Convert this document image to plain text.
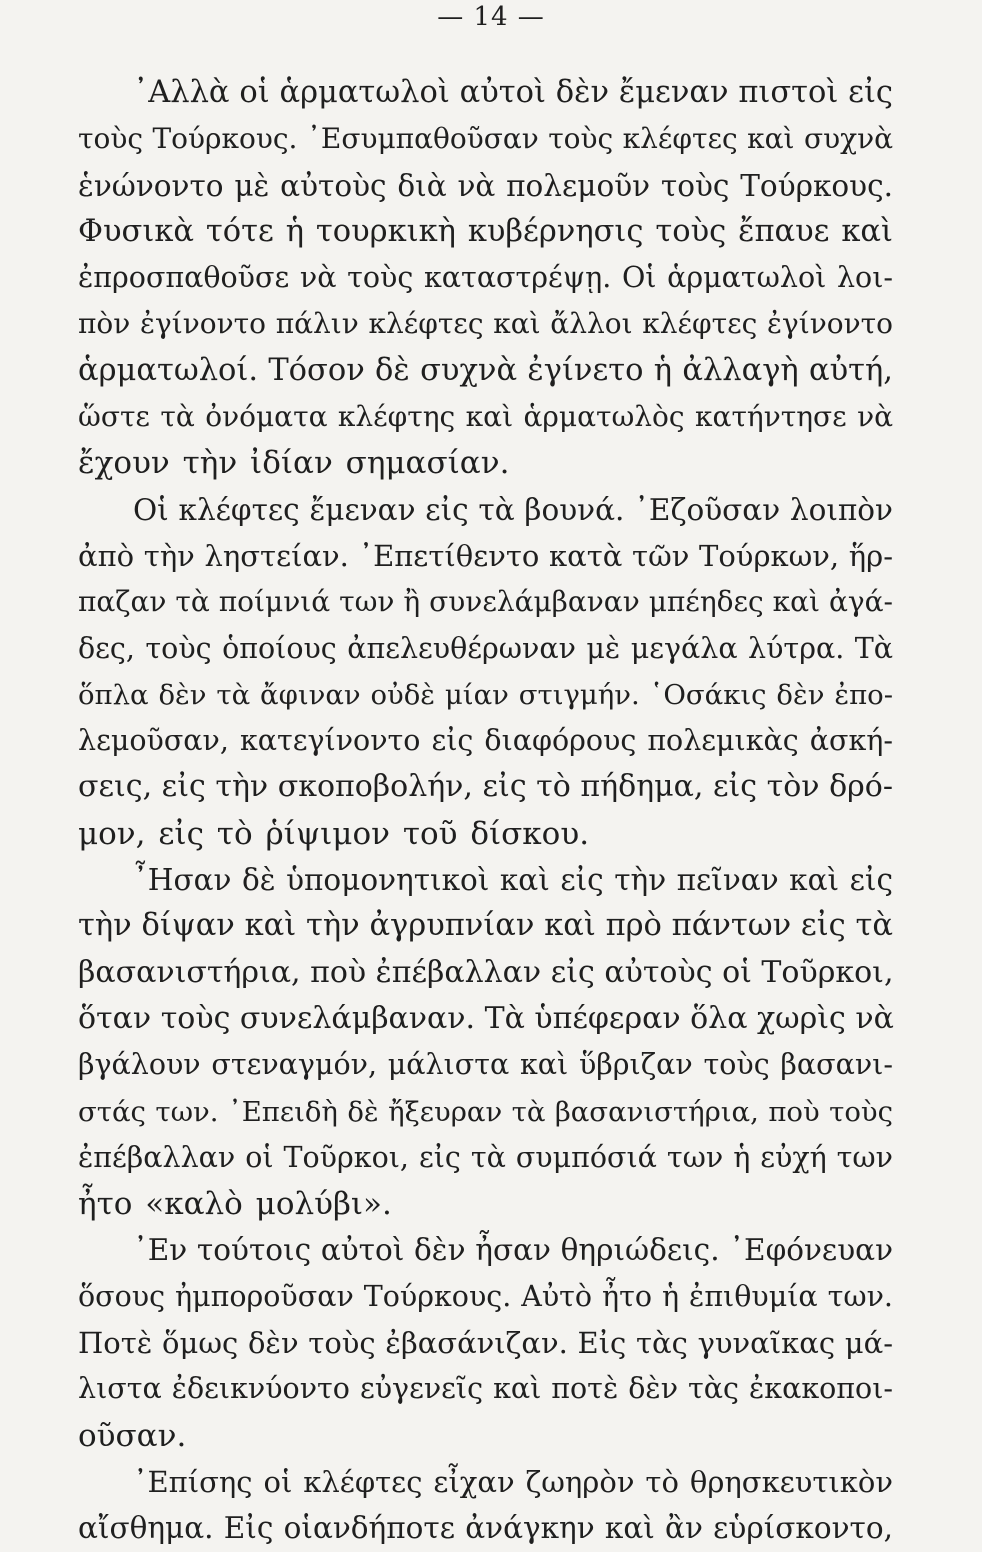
— 14 —
᾿Αλλὰ οἱ ἁρματωλοὶ αὐτοὶ δὲν ἔμεναν πιστοὶ εἰς
τοὺς Τούρκους. ᾿Εσυμπαθοῦσαν τοὺς κλέφτες καὶ συχνὰ
ἑνώνοντο μὲ αὐτοὺς διὰ νὰ πολεμοῦν τοὺς Τούρκους.
Φυσικὰ τότε ἡ τουρκικὴ κυβέρνησις τοὺς ἔπαυε καὶ
ἐπροσπαθοῦσε νὰ τοὺς καταστρέψῃ. Οἱ ἁρματωλοὶ λοι-
πὸν ἐγίνοντο πάλιν κλέφτες καὶ ἄλλοι κλέφτες ἐγίνοντο
ἁρματωλοί. Τόσον δὲ συχνὰ ἐγίνετο ἡ ἀλλαγὴ αὐτή,
ὥστε τὰ ὀνόματα κλέφτης καὶ ἁρματωλὸς κατήντησε νὰ
ἔχουν τὴν ἰδίαν σημασίαν.
Οἱ κλέφτες ἔμεναν εἰς τὰ βουνά. ᾿Εζοῦσαν λοιπὸν
ἀπὸ τὴν ληστείαν. ᾿Επετίθεντο κατὰ τῶν Τούρκων, ἥρ-
παζαν τὰ ποίμνιά των ἢ συνελάμβαναν μπέηδες καὶ ἀγά-
δες, τοὺς ὁποίους ἀπελευθέρωναν μὲ μεγάλα λύτρα. Τὰ
ὅπλα δὲν τὰ ἄφιναν οὐδὲ μίαν στιγμήν. ῾Οσάκις δὲν ἐπο-
λεμοῦσαν, κατεγίνοντο εἰς διαφόρους πολεμικὰς ἀσκή-
σεις, εἰς τὴν σκοποβολήν, εἰς τὸ πήδημα, εἰς τὸν δρό-
μον, εἰς τὸ ῥίψιμον τοῦ δίσκου.
῏Ησαν δὲ ὑπομονητικοὶ καὶ εἰς τὴν πεῖναν καὶ εἰς
τὴν δίψαν καὶ τὴν ἀγρυπνίαν καὶ πρὸ πάντων εἰς τὰ
βασανιστήρια, ποὺ ἐπέβαλλαν εἰς αὐτοὺς οἱ Τοῦρκοι,
ὅταν τοὺς συνελάμβαναν. Τὰ ὑπέφεραν ὅλα χωρὶς νὰ
βγάλουν στεναγμόν, μάλιστα καὶ ὕβριζαν τοὺς βασανι-
στάς των. ᾿Επειδὴ δὲ ἤξευραν τὰ βασανιστήρια, ποὺ τοὺς
ἐπέβαλλαν οἱ Τοῦρκοι, εἰς τὰ συμπόσιά των ἡ εὐχή των
ἦτο «καλὸ μολύβι».
᾿Εν τούτοις αὐτοὶ δὲν ἦσαν θηριώδεις. ᾿Εφόνευαν
ὅσους ἠμποροῦσαν Τούρκους. Αὐτὸ ἦτο ἡ ἐπιθυμία των.
Ποτὲ ὅμως δὲν τοὺς ἐβασάνιζαν. Εἰς τὰς γυναῖκας μά-
λιστα ἐδεικνύοντο εὐγενεῖς καὶ ποτὲ δὲν τὰς ἐκακοποι-
οῦσαν.
᾿Επίσης οἱ κλέφτες εἶχαν ζωηρὸν τὸ θρησκευτικὸν
αἴσθημα. Εἰς οἱανδήποτε ἀνάγκην καὶ ἂν εὑρίσκοντο,
